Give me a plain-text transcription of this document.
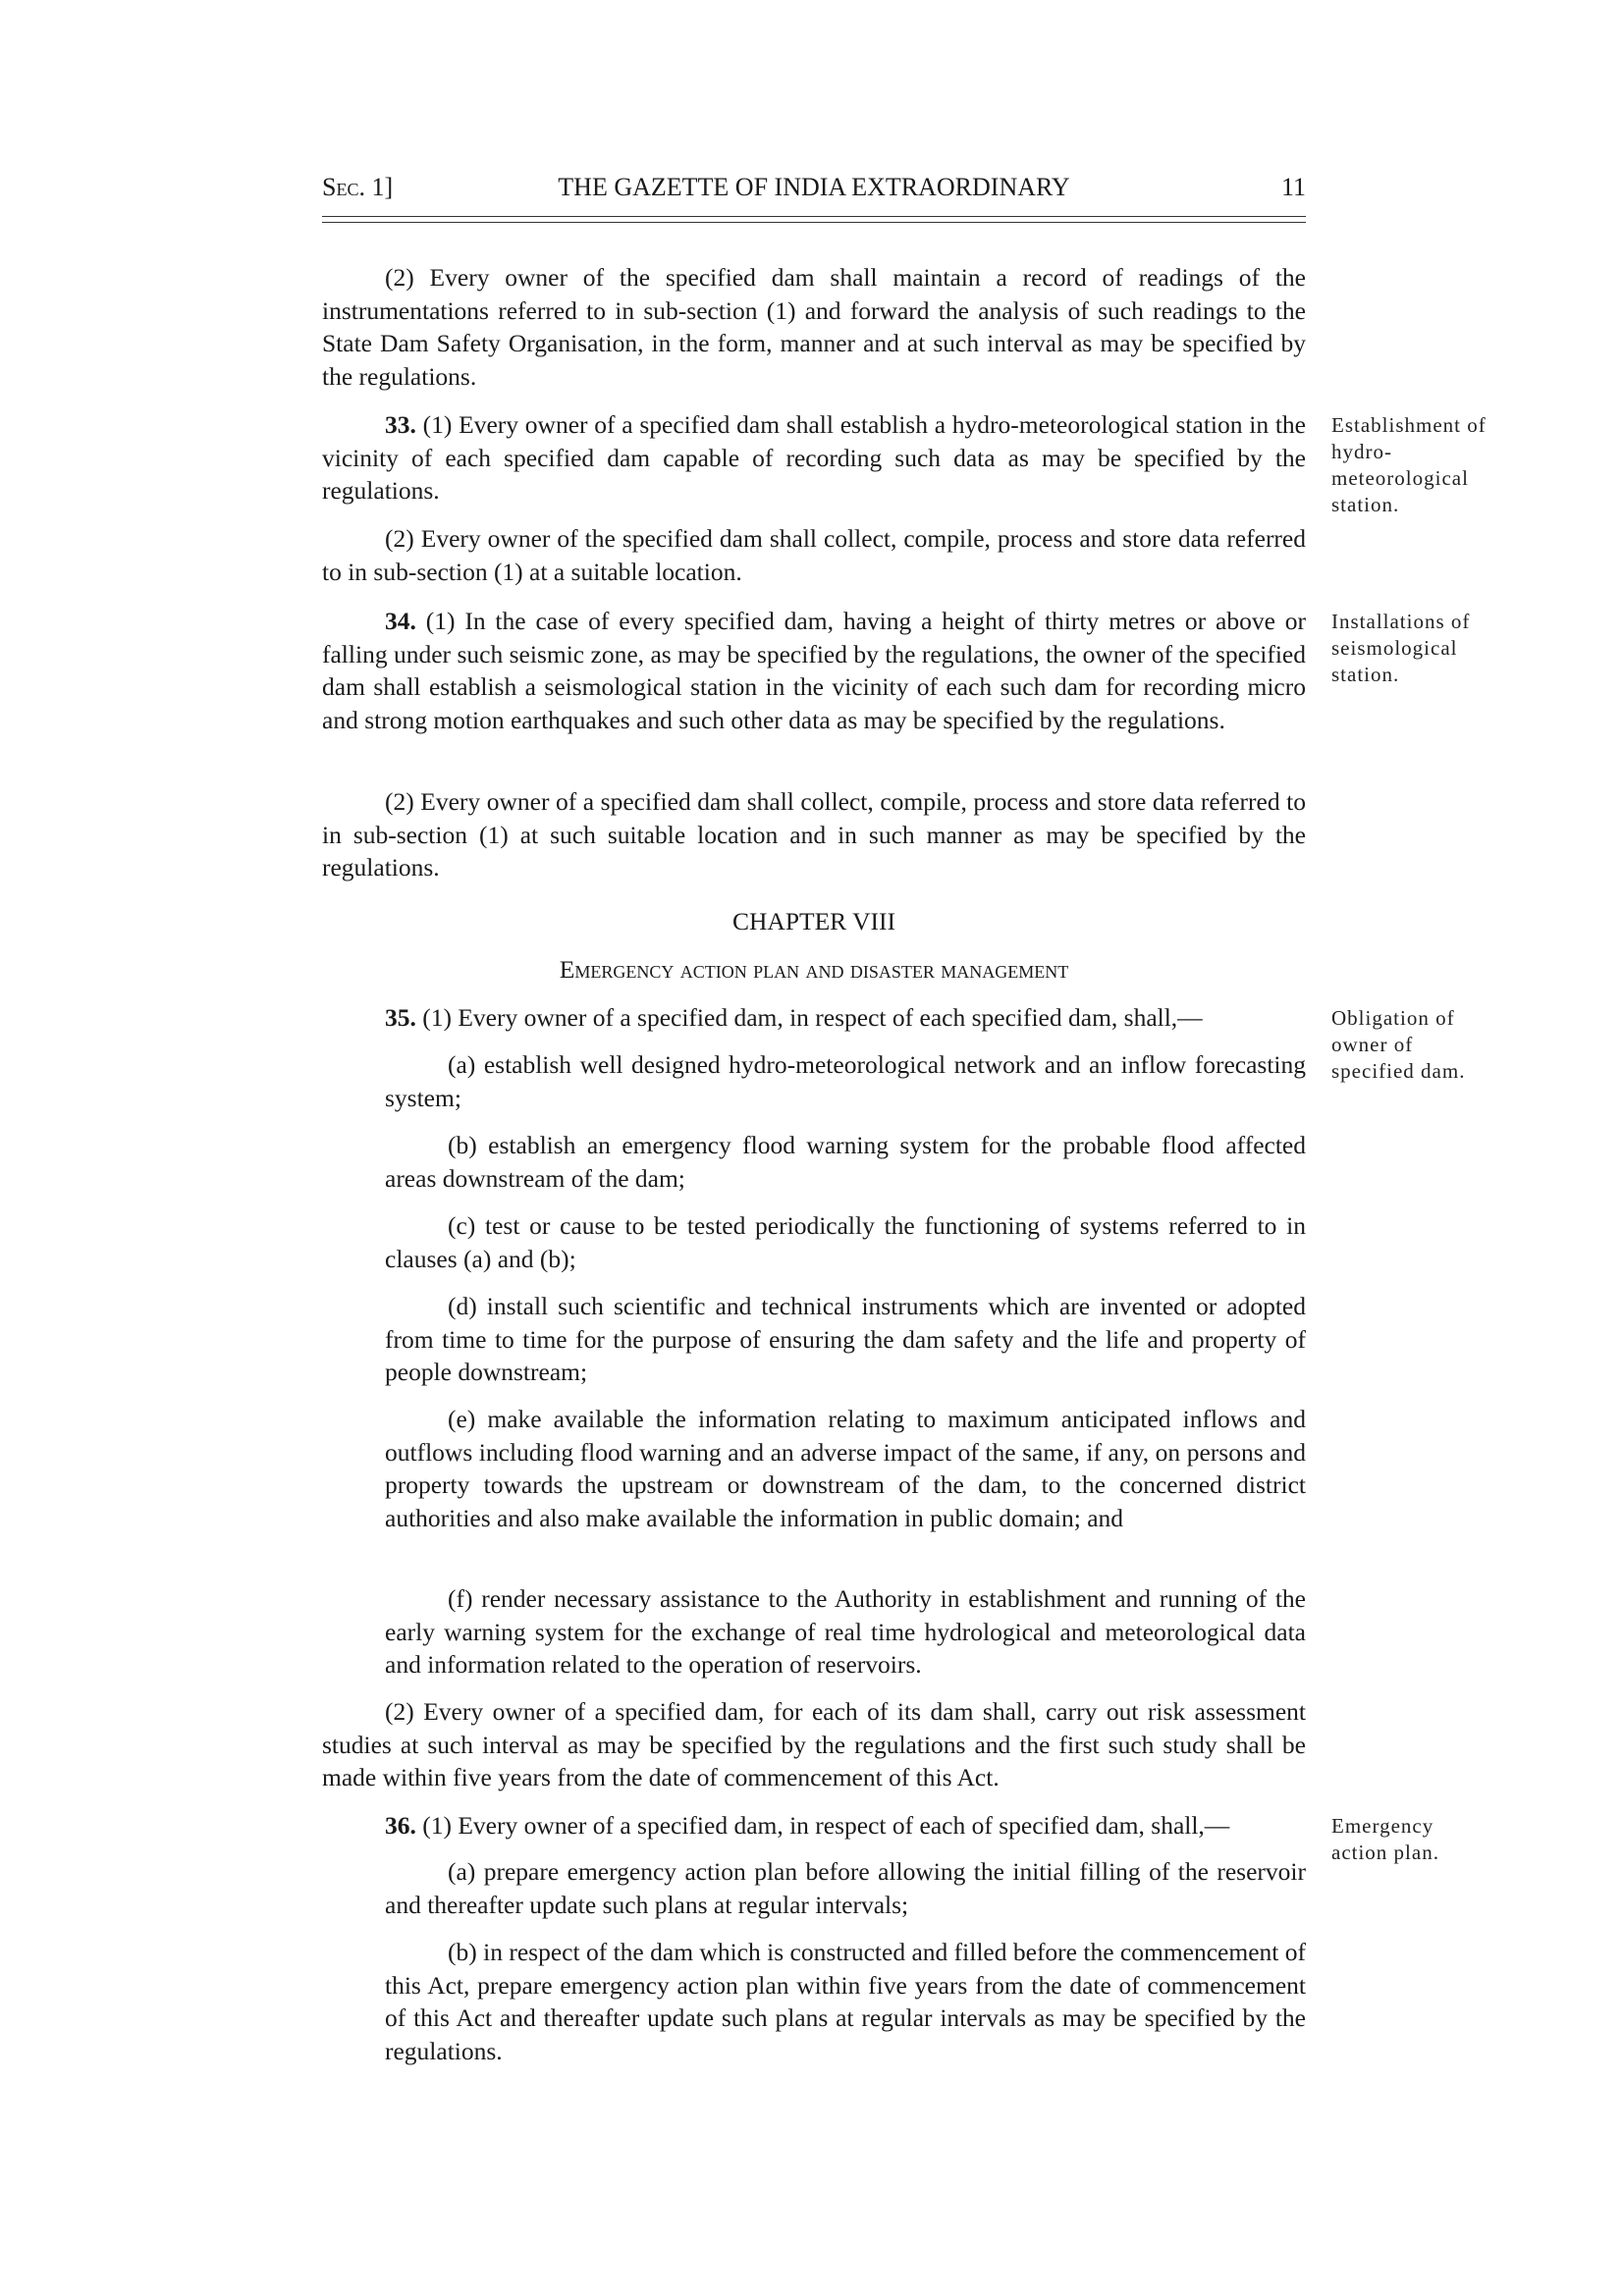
Sec. 1]	THE GAZETTE OF INDIA EXTRAORDINARY	11

(2) Every owner of the specified dam shall maintain a record of readings of the instrumentations referred to in sub-section (1) and forward the analysis of such readings to the State Dam Safety Organisation, in the form, manner and at such interval as may be specified by the regulations.

33. (1) Every owner of a specified dam shall establish a hydro-meteorological station in the vicinity of each specified dam capable of recording such data as may be specified by the regulations.

Establishment of hydro-meteorological station.

(2) Every owner of the specified dam shall collect, compile, process and store data referred to in sub-section (1) at a suitable location.

34. (1) In the case of every specified dam, having a height of thirty metres or above or falling under such seismic zone, as may be specified by the regulations, the owner of the specified dam shall establish a seismological station in the vicinity of each such dam for recording micro and strong motion earthquakes and such other data as may be specified by the regulations.

Installations of seismological station.

(2) Every owner of a specified dam shall collect, compile, process and store data referred to in sub-section (1) at such suitable location and in such manner as may be specified by the regulations.

CHAPTER VIII
Emergency action plan and disaster management

35. (1) Every owner of a specified dam, in respect of each specified dam, shall,—	Obligation of owner of specified dam.

(a) establish well designed hydro-meteorological network and an inflow forecasting system;

(b) establish an emergency flood warning system for the probable flood affected areas downstream of the dam;

(c) test or cause to be tested periodically the functioning of systems referred to in clauses (a) and (b);

(d) install such scientific and technical instruments which are invented or adopted from time to time for the purpose of ensuring the dam safety and the life and property of people downstream;

(e) make available the information relating to maximum anticipated inflows and outflows including flood warning and an adverse impact of the same, if any, on persons and property towards the upstream or downstream of the dam, to the concerned district authorities and also make available the information in public domain; and

(f) render necessary assistance to the Authority in establishment and running of the early warning system for the exchange of real time hydrological and meteorological data and information related to the operation of reservoirs.

(2) Every owner of a specified dam, for each of its dam shall, carry out risk assessment studies at such interval as may be specified by the regulations and the first such study shall be made within five years from the date of commencement of this Act.

36. (1) Every owner of a specified dam, in respect of each of specified dam, shall,—	Emergency action plan.

(a) prepare emergency action plan before allowing the initial filling of the reservoir and thereafter update such plans at regular intervals;

(b) in respect of the dam which is constructed and filled before the commencement of this Act, prepare emergency action plan within five years from the date of commencement of this Act and thereafter update such plans at regular intervals as may be specified by the regulations.
